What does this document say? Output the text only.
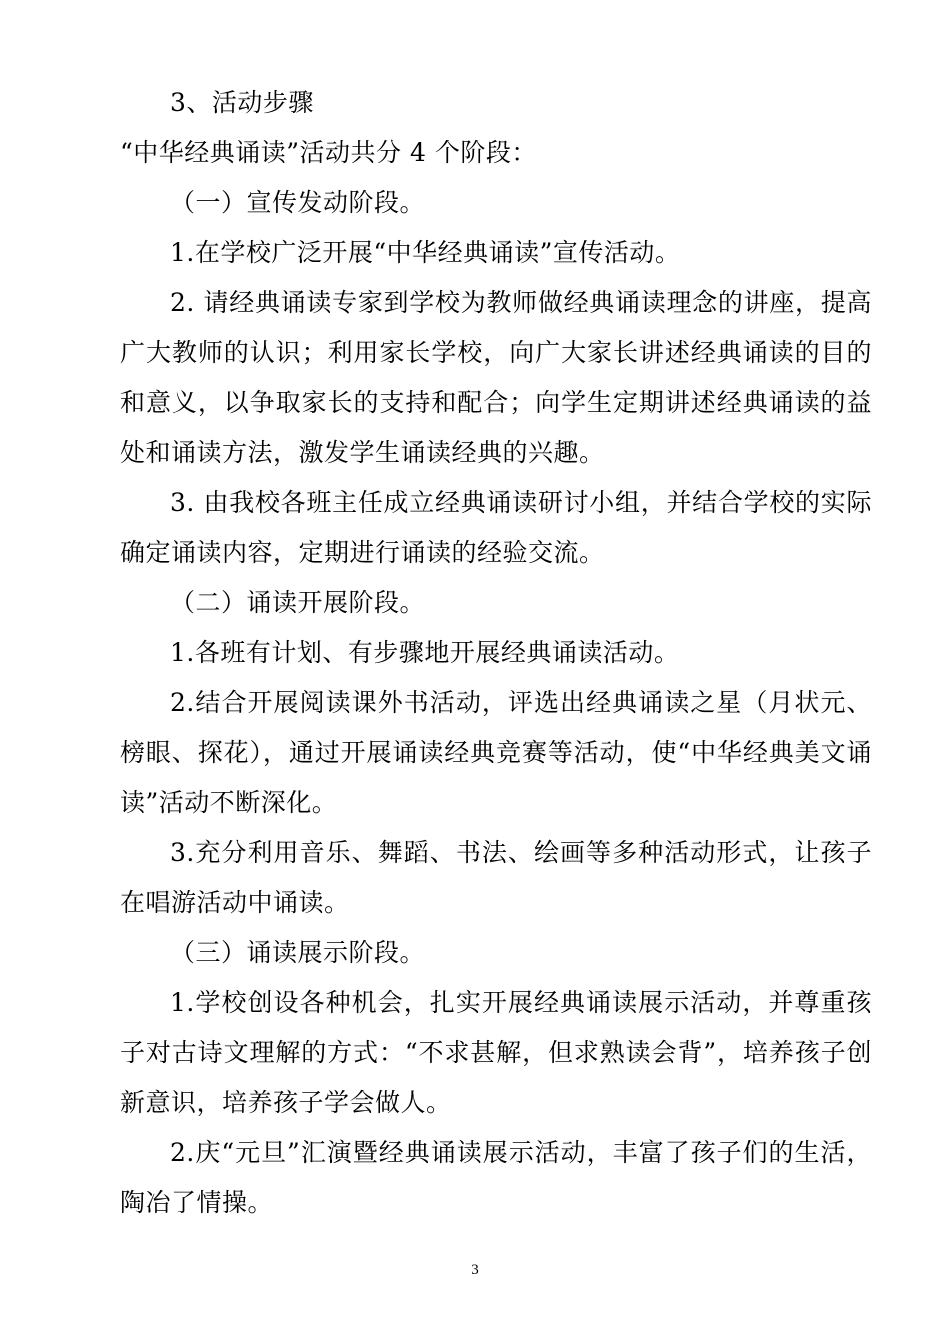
3、活动步骤

“中华经典诵读”活动共分 4 个阶段：

（一）宣传发动阶段。

1.在学校广泛开展“中华经典诵读”宣传活动。

2. 请经典诵读专家到学校为教师做经典诵读理念的讲座，提高广大教师的认识；利用家长学校，向广大家长讲述经典诵读的目的和意义，以争取家长的支持和配合；向学生定期讲述经典诵读的益处和诵读方法，激发学生诵读经典的兴趣。

3. 由我校各班主任成立经典诵读研讨小组，并结合学校的实际确定诵读内容，定期进行诵读的经验交流。

（二）诵读开展阶段。

1.各班有计划、有步骤地开展经典诵读活动。

2.结合开展阅读课外书活动，评选出经典诵读之星（月状元、榜眼、探花），通过开展诵读经典竞赛等活动，使“中华经典美文诵读”活动不断深化。

3.充分利用音乐、舞蹈、书法、绘画等多种活动形式，让孩子在唱游活动中诵读。

（三）诵读展示阶段。

1.学校创设各种机会，扎实开展经典诵读展示活动，并尊重孩子对古诗文理解的方式：“不求甚解，但求熟读会背”，培养孩子创新意识，培养孩子学会做人。

2.庆“元旦”汇演暨经典诵读展示活动，丰富了孩子们的生活，陶冶了情操。

3
